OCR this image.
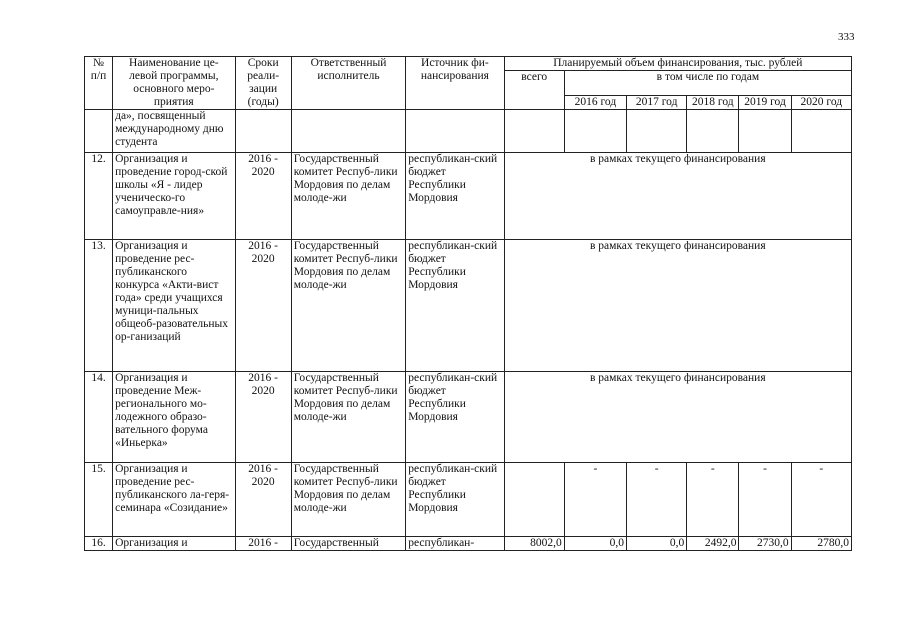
333
№ п/п	Наименование це-левой программы, основного меро-приятия	Сроки реали-зации (годы)	Ответственный исполнитель	Источник фи-нансирования	Планируемый объем финансирования, тыс. рублей					
					всего	в том числе по годам				
						2016 год	2017 год	2018 год	2019 год	2020 год
	да», посвященный международному дню студента									
12.	Организация и проведение город-ской школы «Я - лидер ученическо-го самоуправле-ния»	2016 - 2020	Государственный комитет Респуб-лики Мордовия по делам молоде-жи	республикан-ский бюджет Республики Мордовия	в рамках текущего финансирования					
13.	Организация и проведение рес-публиканского конкурса «Акти-вист года» среди учащихся муници-пальных общеоб-разовательных ор-ганизаций	2016 - 2020	Государственный комитет Респуб-лики Мордовия по делам молоде-жи	республикан-ский бюджет Республики Мордовия	в рамках текущего финансирования					
14.	Организация и проведение Меж-регионального мо-лодежного образо-вательного форума «Иньерка»	2016 - 2020	Государственный комитет Респуб-лики Мордовия по делам молоде-жи	республикан-ский бюджет Республики Мордовия	в рамках текущего финансирования					
15.	Организация и проведение рес-публиканского ла-геря-семинара «Созидание»	2016 - 2020	Государственный комитет Респуб-лики Мордовия по делам молоде-жи	республикан-ский бюджет Республики Мордовия		-	-	-	-	-
16.	Организация и	2016 -	Государственный	республикан-	8002,0	0,0	0,0	2492,0	2730,0	2780,0
